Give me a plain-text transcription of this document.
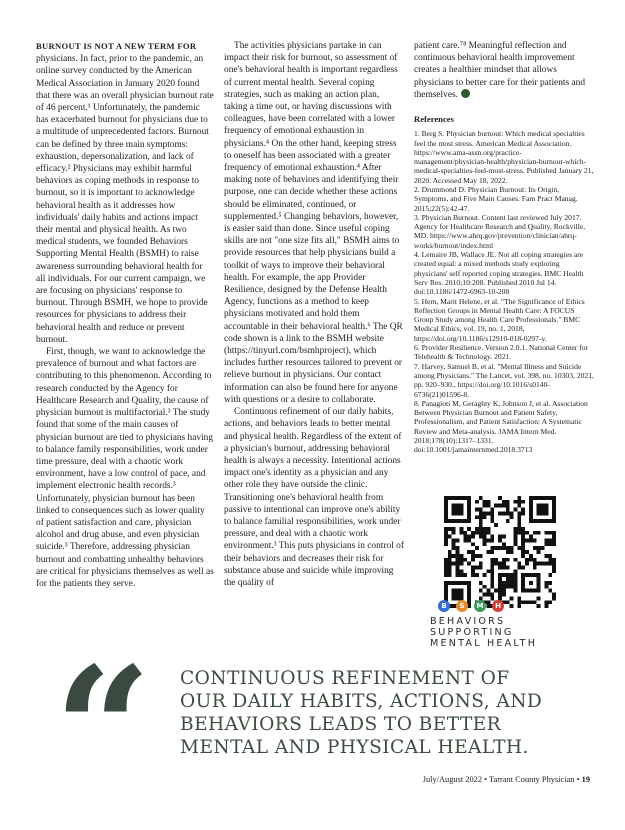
BURNOUT IS NOT A NEW TERM FOR physicians. In fact, prior to the pandemic, an online survey conducted by the American Medical Association in January 2020 found that there was an overall physician burnout rate of 46 percent.¹ Unfortunately, the pandemic has exacerbated burnout for physicians due to a multitude of unprecedented factors. Burnout can be defined by three main symptoms: exhaustion, depersonalization, and lack of efficacy.² Physicians may exhibit harmful behaviors as coping methods in response to burnout, so it is important to acknowledge behavioral health as it addresses how individuals' daily habits and actions impact their mental and physical health. As two medical students, we founded Behaviors Supporting Mental Health (BSMH) to raise awareness surrounding behavioral health for all individuals. For our current campaign, we are focusing on physicians' response to burnout. Through BSMH, we hope to provide resources for physicians to address their behavioral health and reduce or prevent burnout.

First, though, we want to acknowledge the prevalence of burnout and what factors are contributing to this phenomenon. According to research conducted by the Agency for Healthcare Research and Quality, the cause of physician burnout is multifactorial.³ The study found that some of the main causes of physician burnout are tied to physicians having to balance family responsibilities, work under time pressure, deal with a chaotic work environment, have a low control of pace, and implement electronic health records.³ Unfortunately, physician burnout has been linked to consequences such as lower quality of patient satisfaction and care, physician alcohol and drug abuse, and even physician suicide.³ Therefore, addressing physician burnout and combatting unhealthy behaviors are critical for physicians themselves as well as for the patients they serve.

The activities physicians partake in can impact their risk for burnout, so assessment of one's behavioral health is important regardless of current mental health. Several coping strategies, such as making an action plan, taking a time out, or having discussions with colleagues, have been correlated with a lower frequency of emotional exhaustion in physicians.⁴ On the other hand, keeping stress to oneself has been associated with a greater frequency of emotional exhaustion.⁴ After making note of behaviors and identifying their purpose, one can decide whether these actions should be eliminated, continued, or supplemented.⁵ Changing behaviors, however, is easier said than done. Since useful coping skills are not "one size fits all," BSMH aims to provide resources that help physicians build a toolkit of ways to improve their behavioral health. For example, the app Provider Resilience, designed by the Defense Health Agency, functions as a method to keep physicians motivated and hold them accountable in their behavioral health.⁶ The QR code shown is a link to the BSMH website (https://tinyurl.com/bsmhproject), which includes further resources tailored to prevent or relieve burnout in physicians. Our contact information can also be found here for anyone with questions or a desire to collaborate.

Continuous refinement of our daily habits, actions, and behaviors leads to better mental and physical health. Regardless of the extent of a physician's burnout, addressing behavioral health is always a necessity. Intentional actions impact one's identity as a physician and any other role they have outside the clinic. Transitioning one's behavioral health from passive to intentional can improve one's ability to balance familial responsibilities, work under pressure, and deal with a chaotic work environment.³ This puts physicians in control of their behaviors and decreases their risk for substance abuse and suicide while improving the quality of

patient care.⁷⁸ Meaningful reflection and continuous behavioral health improvement creates a healthier mindset that allows physicians to better care for their patients and themselves.

References
1. Berg S. Physician burnout: Which medical specialties feel the most stress. American Medical Association. https://www.ama-assn.org/practice-management/physician-health/physician-burnout-which-medical-specialties-feel-most-stress. Published January 21, 2020. Accessed May 18, 2022.
2. Drummond D. Physician Burnout: Its Origin, Symptoms, and Five Main Causes. Fam Pract Manag. 2015;22(5):42-47.
3. Physician Burnout. Content last reviewed July 2017. Agency for Healthcare Research and Quality, Rockville, MD. https://www.ahrq.gov/prevention/clinician/ahrq-works/burnout/index.html
4. Lemaire JB, Wallace JE. Not all coping strategies are created equal: a mixed methods study exploring physicians' self reported coping strategies. BMC Health Serv Res. 2010;10:208. Published 2010 Jul 14. doi:10.1186/1472-6963-10-208
5. Hem, Marit Helene, et al. "The Significance of Ethics Reflection Groups in Mental Health Care: A FOCUS Group Study among Health Care Professionals." BMC Medical Ethics, vol. 19, no. 1, 2018, https://doi.org/10.1186/s12910-018-0297-y.
6. Provider Resilience. Version 2.0.1. National Center for Telehealth & Technology. 2021.
7. Harvey, Samuel B, et al. "Mental Illness and Suicide among Physicians." The Lancet, vol. 398, no. 10303, 2021, pp. 920–930., https://doi.org/10.1016/s0140-6736(21)01596-8.
8. Panagioti M, Geraghty K, Johnson J, et al. Association Between Physician Burnout and Patient Safety, Professionalism, and Patient Satisfaction: A Systematic Review and Meta-analysis. JAMA Intern Med. 2018;178(10):1317–1331. doi:10.1001/jamainternmed.2018.3713
B	S	M	H
BEHAVIORS
SUPPORTING
MENTAL HEALTH
“ CONTINUOUS REFINEMENT OF
OUR DAILY HABITS, ACTIONS, AND
BEHAVIORS LEADS TO BETTER
MENTAL AND PHYSICAL HEALTH.
July/August 2022 • Tarrant County Physician • 19
